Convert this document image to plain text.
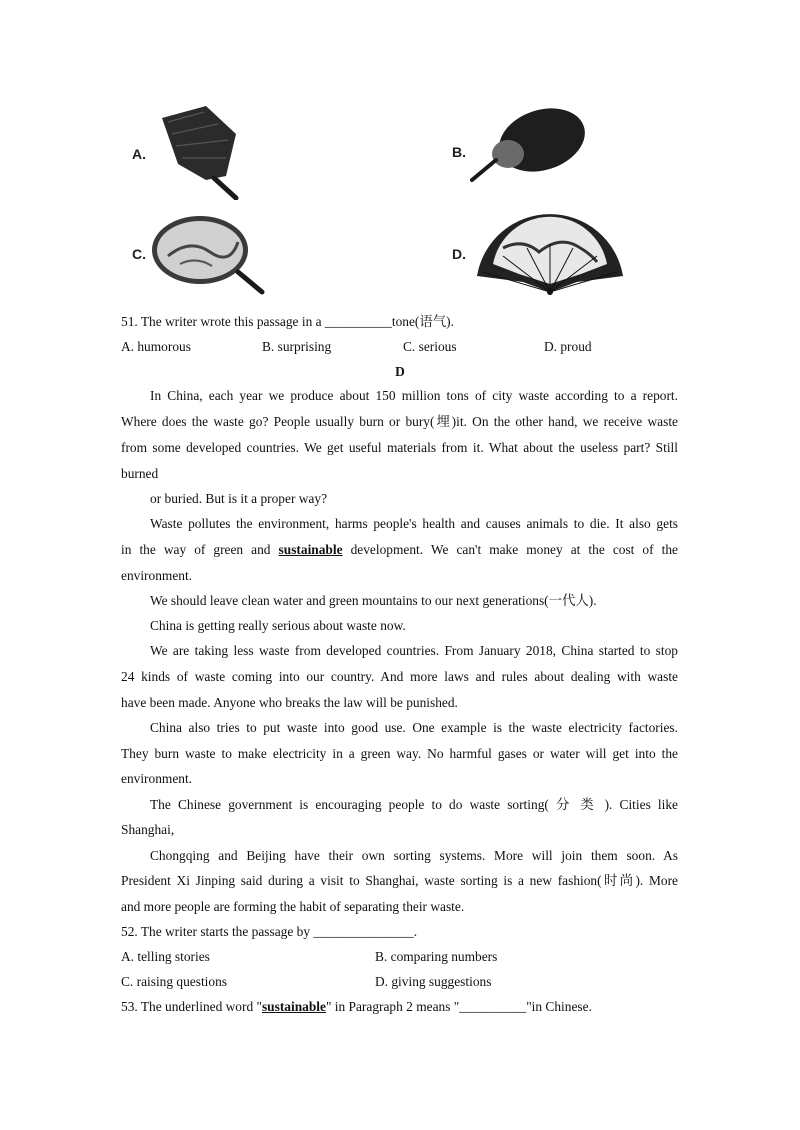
A.	B.
C.	D.
51. The writer wrote this passage in a __________tone(语气).
A. humorous	B. surprising	C. serious	D. proud
D
In China, each year we produce about 150 million tons of city waste according to a report.
Where does the waste go? People usually burn or bury(埋)it. On the other hand, we receive waste
from some developed countries. We get useful materials from it. What about the useless part? Still
burned
or buried. But is it a proper way?
Waste pollutes the environment, harms people's health and causes animals to die. It also gets
in the way of green and sustainable development. We can't make money at the cost of the
environment.
We should leave clean water and green mountains to our next generations(一代人).
China is getting really serious about waste now.
We are taking less waste from developed countries. From January 2018, China started to stop
24 kinds of waste coming into our country. And more laws and rules about dealing with waste
have been made. Anyone who breaks the law will be punished.
China also tries to put waste into good use. One example is the waste electricity factories.
They burn waste to make electricity in a green way. No harmful gases or water will get into the
environment.
The Chinese government is encouraging people to do waste sorting( 分 类 ). Cities like
Shanghai,
Chongqing and Beijing have their own sorting systems. More will join them soon. As
President Xi Jinping said during a visit to Shanghai, waste sorting is a new fashion(时尚). More
and more people are forming the habit of separating their waste.
52. The writer starts the passage by _______________.
A. telling stories	B. comparing numbers
C. raising questions	D. giving suggestions
53. The underlined word "sustainable" in Paragraph 2 means "__________"in Chinese.
